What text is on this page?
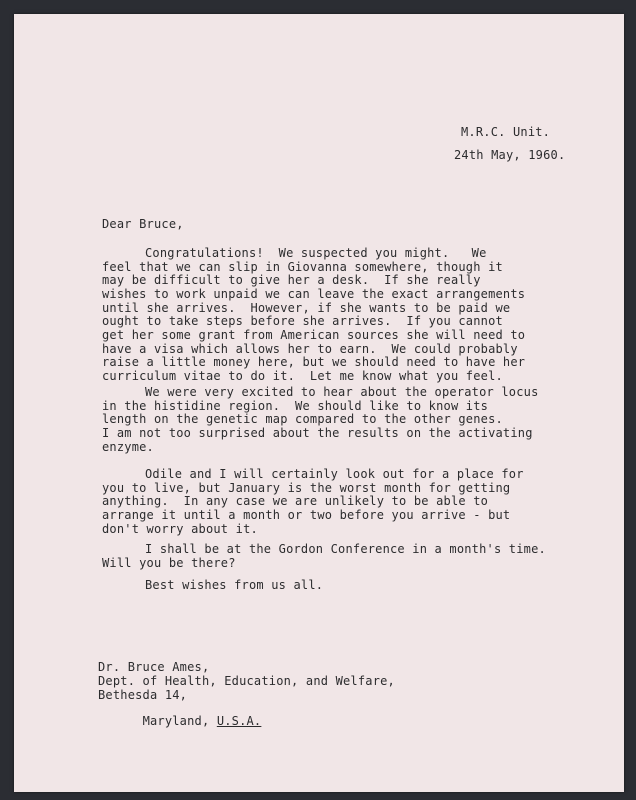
M.R.C. Unit.
24th May, 1960.
Dear Bruce,

Congratulations!  We suspected you might.   We

feel that we can slip in Giovanna somewhere, though it

may be difficult to give her a desk.  If she really

wishes to work unpaid we can leave the exact arrangements

until she arrives.  However, if she wants to be paid we

ought to take steps before she arrives.  If you cannot

get her some grant from American sources she will need to

have a visa which allows her to earn.  We could probably

raise a little money here, but we should need to have her

curriculum vitae to do it.  Let me know what you feel.

We were very excited to hear about the operator locus

in the histidine region.  We should like to know its

length on the genetic map compared to the other genes.

I am not too surprised about the results on the activating

enzyme.

Odile and I will certainly look out for a place for

you to live, but January is the worst month for getting

anything.  In any case we are unlikely to be able to

arrange it until a month or two before you arrive - but

don't worry about it.

I shall be at the Gordon Conference in a month's time.

Will you be there?

Best wishes from us all.

Dr. Bruce Ames,

Dept. of Health, Education, and Welfare,

Bethesda 14,

Maryland, U.S.A.
